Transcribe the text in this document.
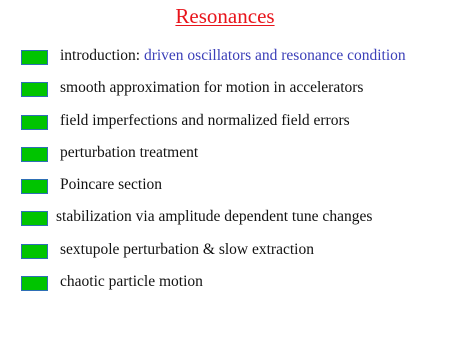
Resonances
introduction: driven oscillators and resonance condition
smooth approximation for motion in accelerators
field imperfections and normalized field errors
perturbation treatment
Poincare section
stabilization via amplitude dependent tune changes
sextupole perturbation & slow extraction
chaotic particle motion
